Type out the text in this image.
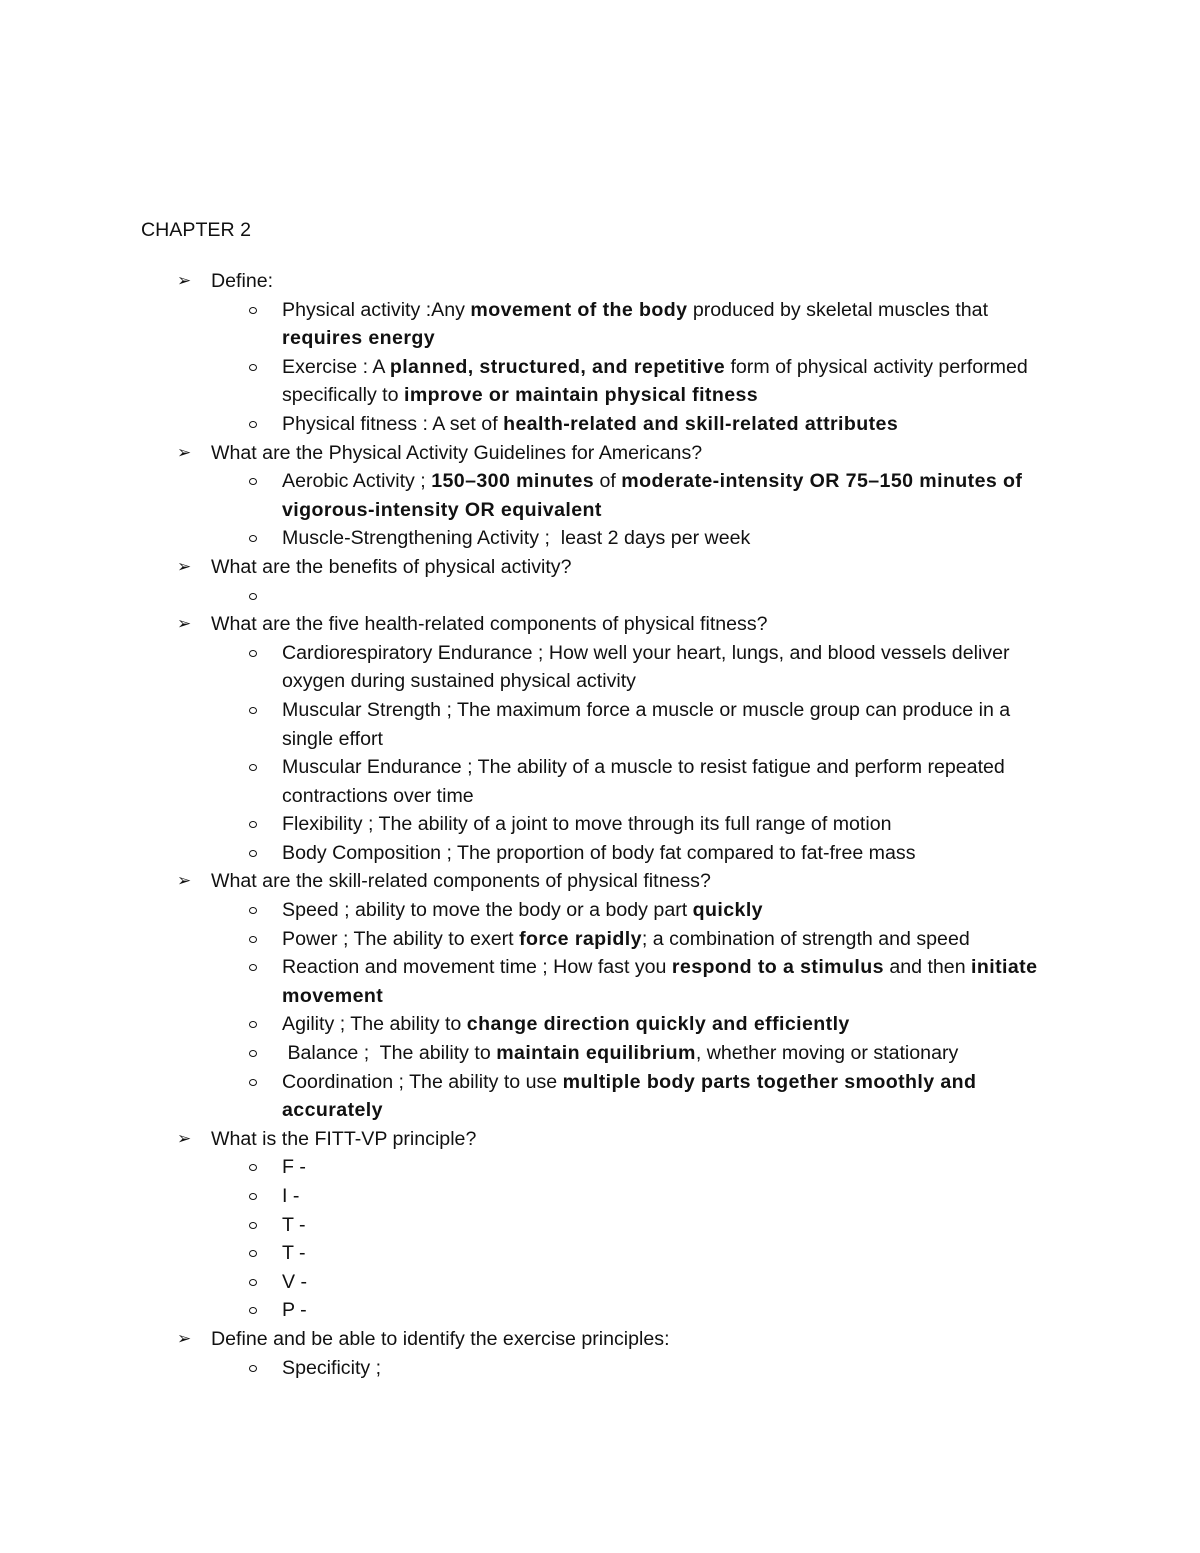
CHAPTER 2
➢ Define:
Physical activity :Any movement of the body produced by skeletal muscles that requires energy
Exercise : A planned, structured, and repetitive form of physical activity performed specifically to improve or maintain physical fitness
Physical fitness : A set of health-related and skill-related attributes
➢ What are the Physical Activity Guidelines for Americans?
Aerobic Activity ; 150–300 minutes of moderate-intensity OR 75–150 minutes of vigorous-intensity OR equivalent
Muscle-Strengthening Activity ;  least 2 days per week
➢ What are the benefits of physical activity?
➢ What are the five health-related components of physical fitness?
Cardiorespiratory Endurance ; How well your heart, lungs, and blood vessels deliver oxygen during sustained physical activity
Muscular Strength ; The maximum force a muscle or muscle group can produce in a single effort
Muscular Endurance ; The ability of a muscle to resist fatigue and perform repeated contractions over time
Flexibility ; The ability of a joint to move through its full range of motion
Body Composition ; The proportion of body fat compared to fat-free mass
➢ What are the skill-related components of physical fitness?
Speed ; ability to move the body or a body part quickly
Power ; The ability to exert force rapidly; a combination of strength and speed
Reaction and movement time ; How fast you respond to a stimulus and then initiate movement
Agility ; The ability to change direction quickly and efficiently
Balance ;  The ability to maintain equilibrium, whether moving or stationary
Coordination ; The ability to use multiple body parts together smoothly and accurately
➢ What is the FITT-VP principle?
F -
I -
T -
T -
V -
P -
➢ Define and be able to identify the exercise principles:
Specificity ;
